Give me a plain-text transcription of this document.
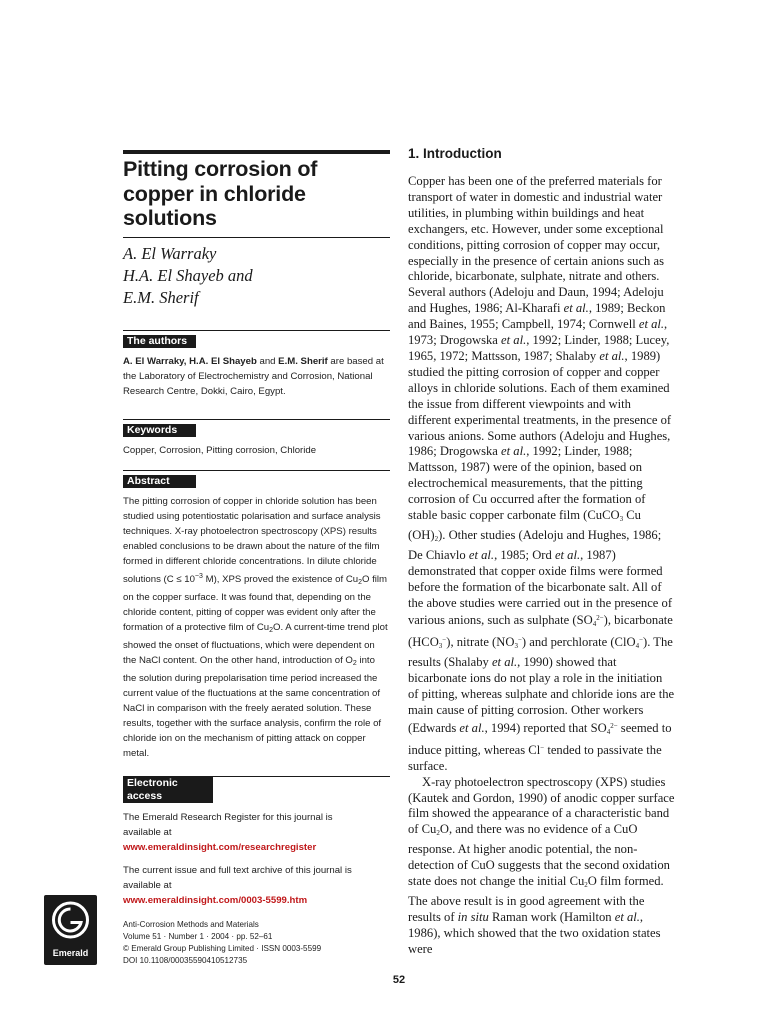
Pitting corrosion of
copper in chloride
solutions
A. El Warraky
H.A. El Shayeb and
E.M. Sherif
The authors

A. El Warraky, H.A. El Shayeb and E.M. Sherif are based at the Laboratory of Electrochemistry and Corrosion, National Research Centre, Dokki, Cairo, Egypt.

Keywords

Copper, Corrosion, Pitting corrosion, Chloride

Abstract

The pitting corrosion of copper in chloride solution has been studied using potentiostatic polarisation and surface analysis techniques. X-ray photoelectron spectroscopy (XPS) results enabled conclusions to be drawn about the nature of the film formed in different chloride concentrations. In dilute chloride solutions ($C \le 10^{-3}$ M), XPS proved the existence of $Cu_2O$ film on the copper surface. It was found that, depending on the chloride content, pitting of copper was evident only after the formation of a protective film of $Cu_2O$. A current-time trend plot showed the onset of fluctuations, which were dependent on the NaCl content. On the other hand, introduction of $O_2$ into the solution during prepolarisation time period increased the current value of the fluctuations at the same concentration of NaCl in comparison with the freely aerated solution. These results, together with the surface analysis, confirm the role of chloride ion on the mechanism of pitting attack on copper metal.

Electronic access

The Emerald Research Register for this journal is available at
www.emeraldinsight.com/researchregister

The current issue and full text archive of this journal is available at
www.emeraldinsight.com/0003-5599.htm

Anti-Corrosion Methods and Materials
Volume 51 · Number 1 · 2004 · pp. 52–61
© Emerald Group Publishing Limited · ISSN 0003-5599
DOI 10.1108/00035590410512735
Emerald
1. Introduction

Copper has been one of the preferred materials for transport of water in domestic and industrial water utilities, in plumbing within buildings and heat exchangers, etc. However, under some exceptional conditions, pitting corrosion of copper may occur, especially in the presence of certain anions such as chloride, bicarbonate, sulphate, nitrate and others. Several authors (Adeloju and Daun, 1994; Adeloju and Hughes, 1986; Al-Kharafi et al., 1989; Beckon and Baines, 1955; Campbell, 1974; Cornwell et al., 1973; Drogowska et al., 1992; Linder, 1988; Lucey, 1965, 1972; Mattsson, 1987; Shalaby et al., 1989) studied the pitting corrosion of copper and copper alloys in chloride solutions. Each of them examined the issue from different viewpoints and with different experimental treatments, in the presence of various anions. Some authors (Adeloju and Hughes, 1986; Drogowska et al., 1992; Linder, 1988; Mattsson, 1987) were of the opinion, based on electrochemical measurements, that the pitting corrosion of Cu occurred after the formation of stable basic copper carbonate film (CuCO$_3$ Cu $(OH)_2$). Other studies (Adeloju and Hughes, 1986; De Chiavlo et al., 1985; Ord et al., 1987) demonstrated that copper oxide films were formed before the formation of the bicarbonate salt. All of the above studies were carried out in the presence of various anions, such as sulphate $(SO_4^{2-})$, bicarbonate $(HCO_3^-)$, nitrate $(NO_3^-)$ and perchlorate (ClO$_4$−). The results (Shalaby et al., 1990) showed that bicarbonate ions do not play a role in the initiation of pitting, whereas sulphate and chloride ions are the main cause of pitting corrosion. Other workers (Edwards et al., 1994) reported that $SO_4^{2-}$ seemed to induce pitting, whereas Cl− tended to passivate the surface.

X-ray photoelectron spectroscopy (XPS) studies (Kautek and Gordon, 1990) of anodic copper surface film showed the appearance of a characteristic band of $Cu_2O$, and there was no evidence of a CuO response. At higher anodic potential, the non-detection of CuO suggests that the second oxidation state does not change the initial $Cu_2O$ film formed. The above result is in good agreement with the results of in situ Raman work (Hamilton et al., 1986), which showed that the two oxidation states were

52
